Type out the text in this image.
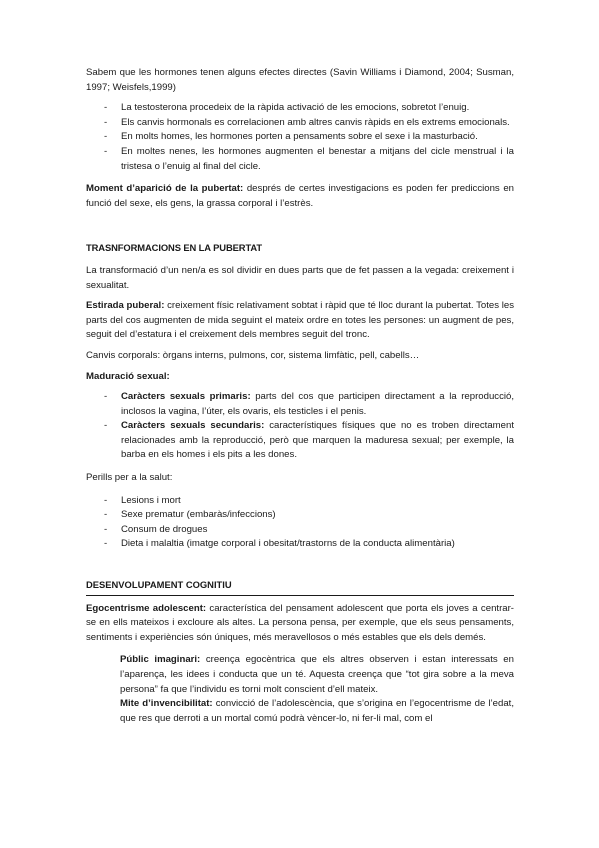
Sabem que les hormones tenen alguns efectes directes (Savin Williams i Diamond, 2004; Susman, 1997; Weisfels,1999)

- La testosterona procedeix de la ràpida activació de les emocions, sobretot l’enuig.
- Els canvis hormonals es correlacionen amb altres canvis ràpids en els extrems emocionals.
- En molts homes, les hormones porten a pensaments sobre el sexe i la masturbació.
- En moltes nenes, les hormones augmenten el benestar a mitjans del cicle menstrual i la tristesa o l’enuig al final del cicle.

Moment d’aparició de la pubertat: després de certes investigacions es poden fer prediccions en funció del sexe, els gens, la grassa corporal i l’estrès.

TRASNFORMACIONS EN LA PUBERTAT

La transformació d’un nen/a es sol dividir en dues parts que de fet passen a la vegada: creixement i sexualitat.

Estirada puberal: creixement físic relativament sobtat i ràpid que té lloc durant la pubertat. Totes les parts del cos augmenten de mida seguint el mateix ordre en totes les persones: un augment de pes, seguit del d’estatura i el creixement dels membres seguit del tronc.

Canvis corporals: òrgans interns, pulmons, cor, sistema limfàtic, pell, cabells…

Maduració sexual:

- Caràcters sexuals primaris: parts del cos que participen directament a la reproducció, inclosos la vagina, l’úter, els ovaris, els testicles i el penis.
- Caràcters sexuals secundaris: característiques físiques que no es troben directament relacionades amb la reproducció, però que marquen la maduresa sexual; per exemple, la barba en els homes i els pits a les dones.

Perills per a la salut:

- Lesions i mort
- Sexe prematur (embaràs/infeccions)
- Consum de drogues
- Dieta i malaltia (imatge corporal i obesitat/trastorns de la conducta alimentària)

DESENVOLUPAMENT COGNITIU

Egocentrisme adolescent: característica del pensament adolescent que porta els joves a centrar-se en ells mateixos i excloure als altes. La persona pensa, per exemple, que els seus pensaments, sentiments i experiències són úniques, més meravellosos o més estables que els dels demés.

Públic imaginari: creença egocèntrica que els altres observen i estan interessats en l’aparença, les idees i conducta que un té. Aquesta creença que “tot gira sobre a la meva persona” fa que l’individu es torni molt conscient d’ell mateix.

Mite d’invencibilitat: convicció de l’adolescència, que s’origina en l’egocentrisme de l’edat, que res que derroti a un mortal comú podrà vèncer-lo, ni fer-li mal, com el
